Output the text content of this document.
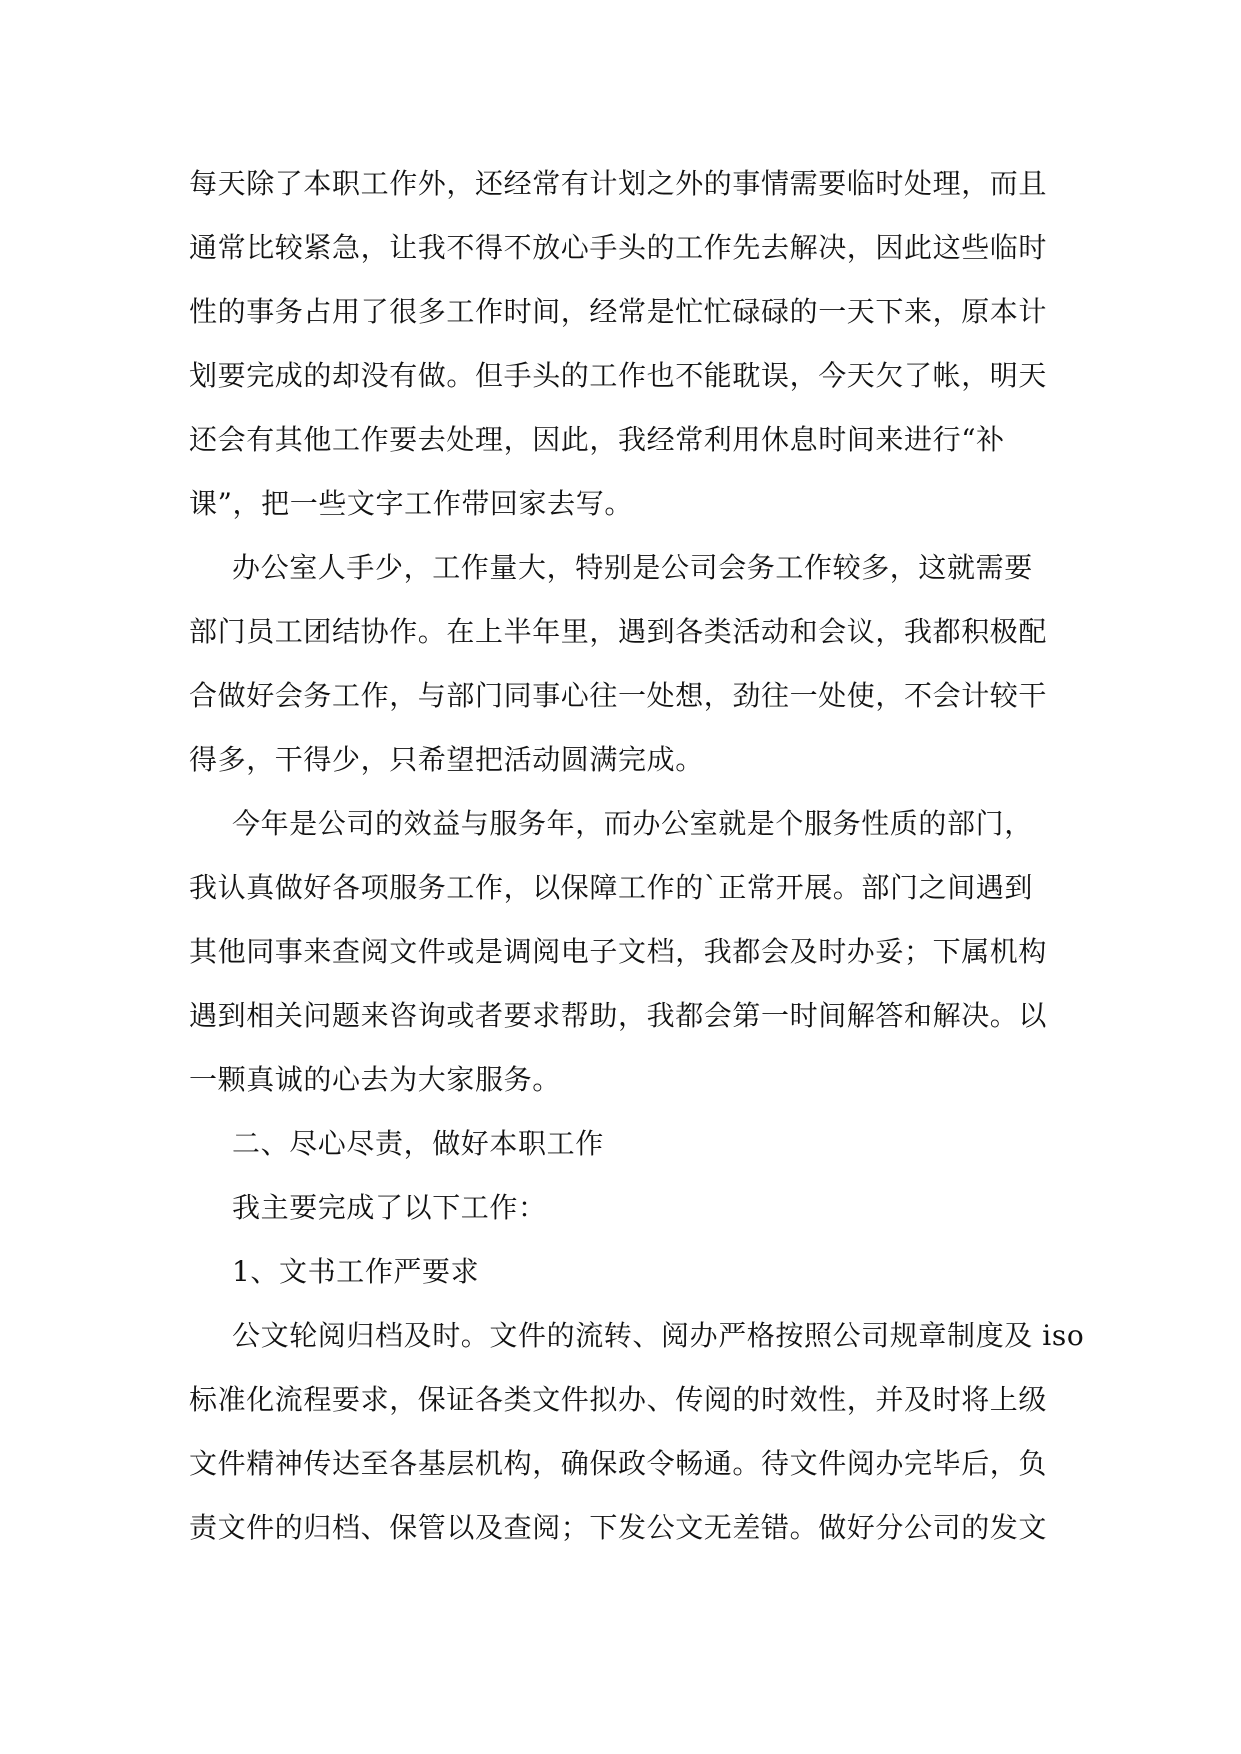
每天除了本职工作外，还经常有计划之外的事情需要临时处理，而且
通常比较紧急，让我不得不放心手头的工作先去解决，因此这些临时
性的事务占用了很多工作时间，经常是忙忙碌碌的一天下来，原本计
划要完成的却没有做。但手头的工作也不能耽误，今天欠了帐，明天
还会有其他工作要去处理，因此，我经常利用休息时间来进行“补
课”，把一些文字工作带回家去写。
办公室人手少，工作量大，特别是公司会务工作较多，这就需要
部门员工团结协作。在上半年里，遇到各类活动和会议，我都积极配
合做好会务工作，与部门同事心往一处想，劲往一处使，不会计较干
得多，干得少，只希望把活动圆满完成。
今年是公司的效益与服务年，而办公室就是个服务性质的部门，
我认真做好各项服务工作，以保障工作的`正常开展。部门之间遇到
其他同事来查阅文件或是调阅电子文档，我都会及时办妥；下属机构
遇到相关问题来咨询或者要求帮助，我都会第一时间解答和解决。以
一颗真诚的心去为大家服务。
二、尽心尽责，做好本职工作
我主要完成了以下工作：
1、文书工作严要求
公文轮阅归档及时。文件的流转、阅办严格按照公司规章制度及 iso
标准化流程要求，保证各类文件拟办、传阅的时效性，并及时将上级
文件精神传达至各基层机构，确保政令畅通。待文件阅办完毕后，负
责文件的归档、保管以及查阅；下发公文无差错。做好分公司的发文
